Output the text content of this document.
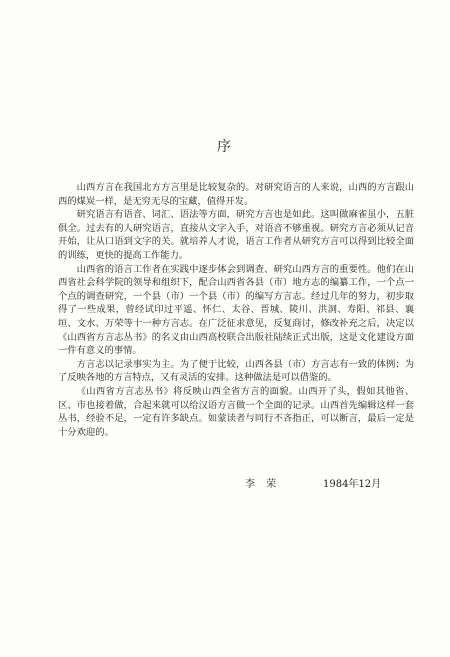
序

山西方言在我国北方方言里是比较复杂的。对研究语言的人来说，山西的方言跟山西的煤炭一样，是无穷无尽的宝藏，值得开发。

研究语言有语音、词汇、语法等方面，研究方言也是如此。这叫做麻雀虽小，五脏俱全。过去有的人研究语言，直接从文字入手，对语音不够重视。研究方言必须从记音开始，让从口语到文字的关。就培养人才说，语言工作者从研究方言可以得到比较全面的训练，更快的提高工作能力。

山西省的语言工作者在实践中逐步体会到调查、研究山西方言的重要性。他们在山西省社会科学院的领导和组织下，配合山西省各县（市）地方志的编纂工作，一个点一个点的调查研究，一个县（市）一个县（市）的编写方言志。经过几年的努力，初步取得了一些成果，曾经试印过平遥、怀仁、太谷、晋城、陵川、洪洞、寿阳、祁县、襄垣、文水、万荣等十一种方言志。在广泛征求意见，反复商讨，修改补充之后，决定以《山西省方言志丛书》的名义由山西高校联合出版社陆续正式出版，这是文化建设方面一件有意义的事情。

方言志以记录事实为主。为了便于比较，山西各县（市）方言志有一致的体例；为了反映各地的方言特点，又有灵活的安排。这种做法是可以借鉴的。

《山西省方言志丛书》将反映山西全省方言的面貌。山西开了头，假如其他省、区、市也接着做，合起来就可以给汉语方言做一个全面的记录。山西首先编辑这样一套丛书，经验不足，一定有许多缺点。如蒙读者与同行不吝指正，可以断言，最后一定是十分欢迎的。

李 荣	1984年12月
